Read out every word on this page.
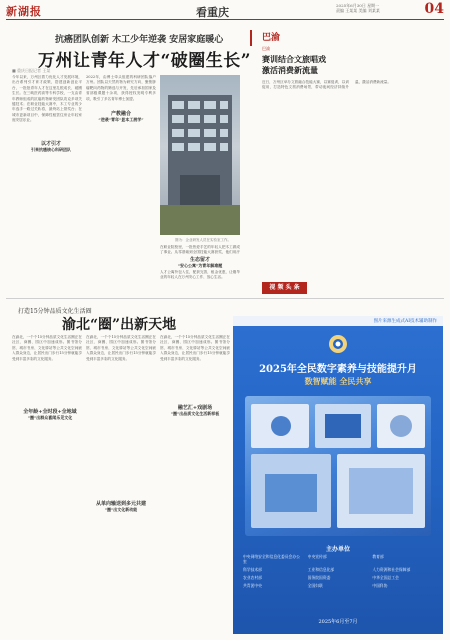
新湖报	看重庆
2025年6月30日 星期一
责编 王某某 美编 刘某某	04
抗癌团队创新 木工少年逆袭 安居家庭暖心
万州让青年人才“破圈生长”
■ 重庆日报记者 王某
今年以来，万州区着力优化人才发展环境，出台系列引才育才政策，搭建创新创业平台，一批批青年人才在这里扎根成长、破圈生长。在三峡医药高等专科学校，一支由青年教师组成的抗癌药物研发团队攻克多项关键技术；在职业技能大赛中，木工专业的少年选手一路过关斩将，最终站上领奖台；在城市更新项目中，保障性租赁住房让年轻家庭安居乐业。
以才引才
引来抗癌核心科研团队
2022年，由博士牵头组建的科研团队落户万州。团队以天然药物为研究方向，聚焦肿瘤靶向药物的筛选与开发，先后承担国家及省部级课题十余项，获得授权发明专利多项，吸引了多名青年博士加盟。
产教融合
“逆袭”青年“显本工展学”
图为：企业研发人员在实验室工作。
在职业院校里，一批热爱手艺的年轻人把木工做成了事业。从零基础到全国技能大赛获奖，他们用汗
生态留才
“安心公寓”为青年解难题
人才公寓拎包入住，配套完善，租金优惠，让刚毕业的年轻人在万州安心工作、放心生活。
巴渝
巴渝
赛训结合文旅唱戏
激活消费新流量
近日，万州区举办文旅融合技能大赛，以赛促训，以训促用，打造特色文旅消费场景，带动夜间经济持续升温，激活消费新流量。
视 频 头 条
打造15分钟品质文化生活圈
渝北“圈”出新天地
在渝北，一个个15分钟品质文化生活圈正在社区、商圈、园区中加速成形。图书馆分馆、城市书房、文化驿站等公共文化空间嵌入群众身边，让居民出门步行15分钟就能享受到丰富多彩的文化服务。
全年龄+全时段+全地域
“圈”出群众喜闻乐见文化
在渝北，一个个15分钟品质文化生活圈正在社区、商圈、园区中加速成形。图书馆分馆、城市书房、文化驿站等公共文化空间嵌入群众身边，让居民出门步行15分钟就能享受到丰富多彩的文化服务。
从单向输送到多元共建
“圈”出文化新动能
在渝北，一个个15分钟品质文化生活圈正在社区、商圈、园区中加速成形。图书馆分馆、城市书房、文化驿站等公共文化空间嵌入群众身边，让居民出门步行15分钟就能享受到丰富多彩的文化服务。
融艺汇+戏剧场
“圈”出品质文化生活新样板
图片来源生成式AI技术辅助制作
2025年全民数字素养与技能提升月
数智赋能 全民共享
主办单位
中央网络安全和信息化委员会办公室
中央宣传部	教育部
科学技术部	工业和信息化部	人力资源和社会保障部
农业农村部	国务院国资委	中华全国总工会
共青团中央	全国妇联	中国科协
2025年6月至7月
